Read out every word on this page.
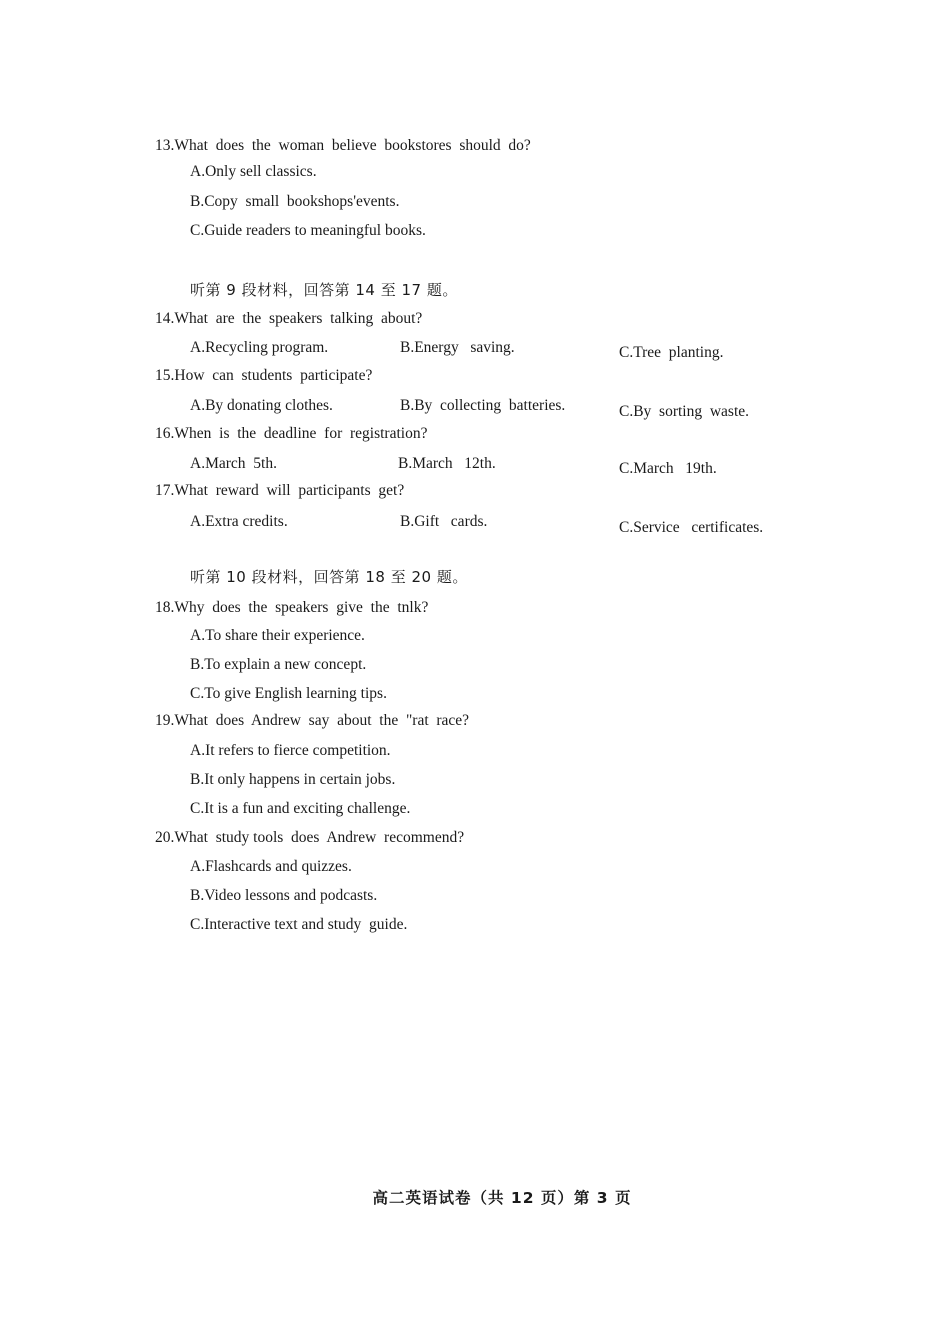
13.What  does  the  woman  believe  bookstores  should  do?
A.Only sell classics.
B.Copy  small  bookshops'events.
C.Guide readers to meaningful books.
听第 9 段材料，回答第 14 至 17 题。
14.What  are  the  speakers  talking  about?
A.Recycling program.	B.Energy   saving.	C.Tree  planting.
15.How  can  students  participate?
A.By donating clothes.	B.By  collecting  batteries.	C.By  sorting  waste.
16.When  is  the  deadline  for  registration?
A.March  5th.	B.March   12th.	C.March   19th.
17.What  reward  will  participants  get?
A.Extra credits.	B.Gift   cards.	C.Service   certificates.
听第 10 段材料，回答第 18 至 20 题。
18.Why  does  the  speakers  give  the  tnlk?
A.To share their experience.
B.To explain a new concept.
C.To give English learning tips.
19.What  does  Andrew  say  about  the  "rat  race?
A.It refers to fierce competition.
B.It only happens in certain jobs.
C.It is a fun and exciting challenge.
20.What  study tools  does  Andrew  recommend?
A.Flashcards and quizzes.
B.Video lessons and podcasts.
C.Interactive text and study  guide.
高二英语试卷（共 12 页）第 3 页
